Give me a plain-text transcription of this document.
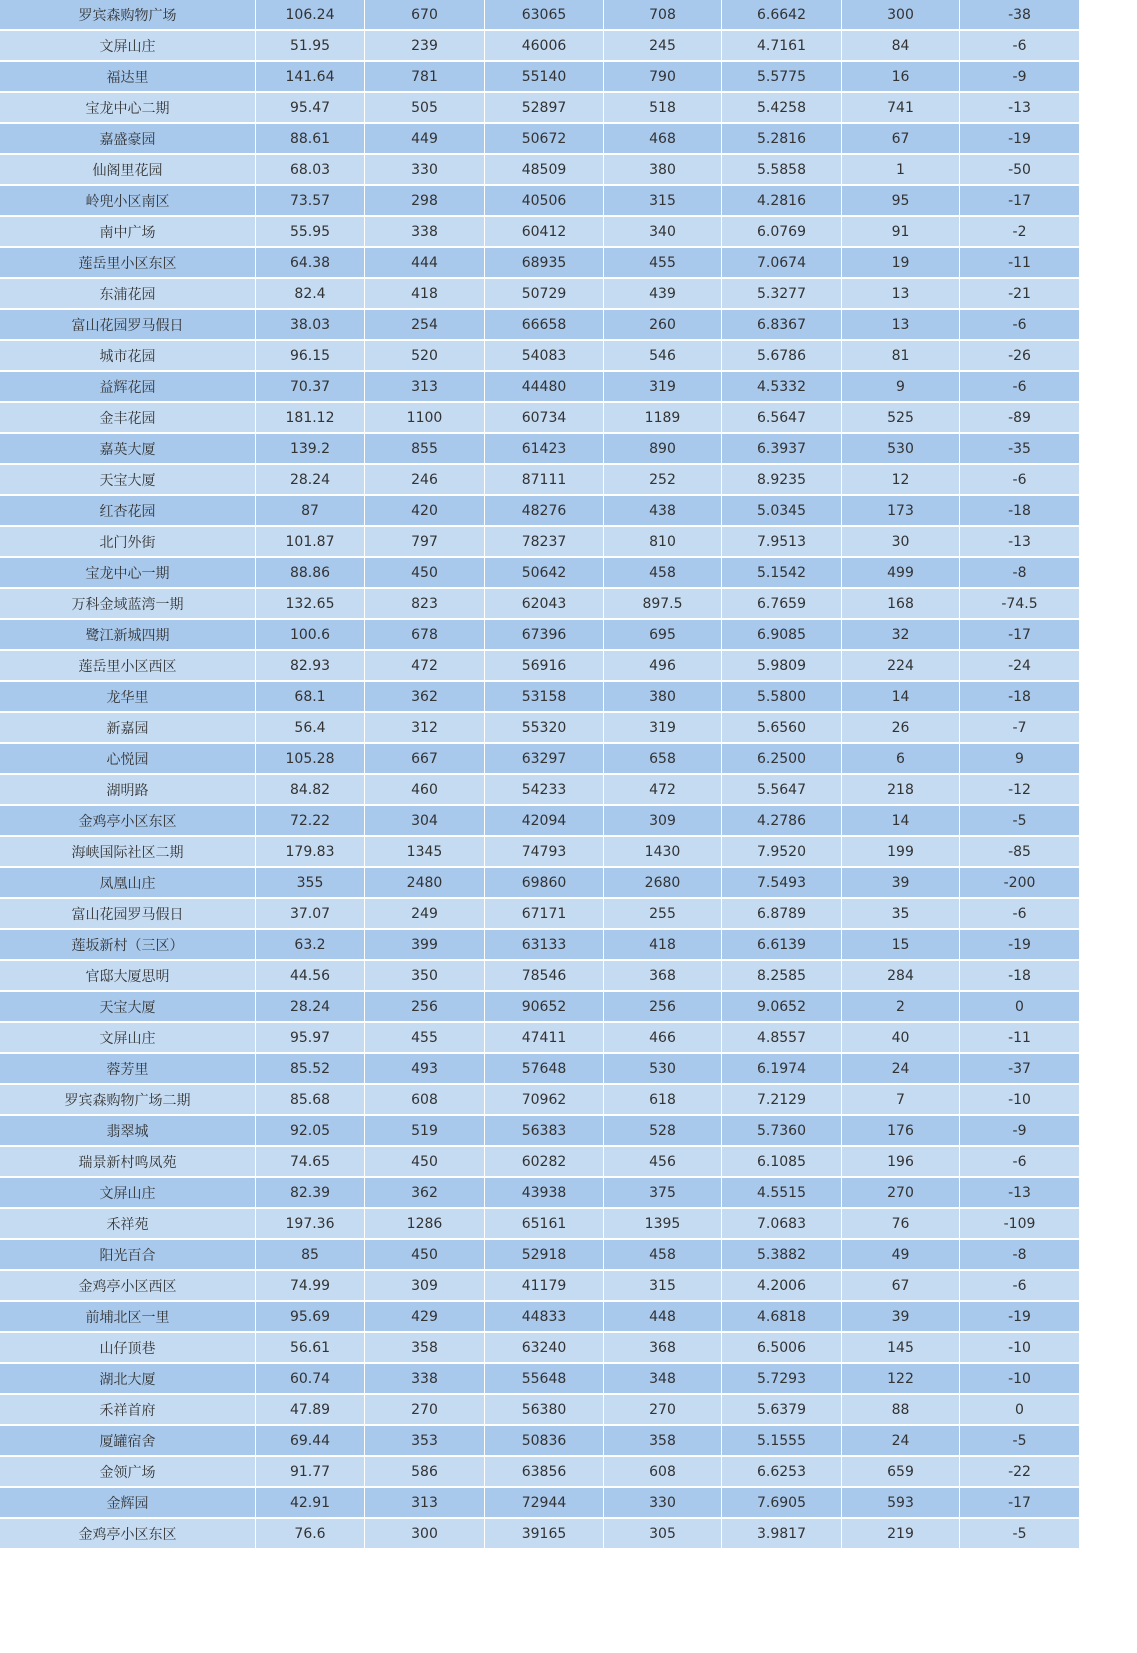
罗宾森购物广场	106.24	670	63065	708	6.6642	300	-38
文屏山庄	51.95	239	46006	245	4.7161	84	-6
福达里	141.64	781	55140	790	5.5775	16	-9
宝龙中心二期	95.47	505	52897	518	5.4258	741	-13
嘉盛豪园	88.61	449	50672	468	5.2816	67	-19
仙阁里花园	68.03	330	48509	380	5.5858	1	-50
岭兜小区南区	73.57	298	40506	315	4.2816	95	-17
南中广场	55.95	338	60412	340	6.0769	91	-2
莲岳里小区东区	64.38	444	68935	455	7.0674	19	-11
东浦花园	82.4	418	50729	439	5.3277	13	-21
富山花园罗马假日	38.03	254	66658	260	6.8367	13	-6
城市花园	96.15	520	54083	546	5.6786	81	-26
益辉花园	70.37	313	44480	319	4.5332	9	-6
金丰花园	181.12	1100	60734	1189	6.5647	525	-89
嘉英大厦	139.2	855	61423	890	6.3937	530	-35
天宝大厦	28.24	246	87111	252	8.9235	12	-6
红杏花园	87	420	48276	438	5.0345	173	-18
北门外街	101.87	797	78237	810	7.9513	30	-13
宝龙中心一期	88.86	450	50642	458	5.1542	499	-8
万科金域蓝湾一期	132.65	823	62043	897.5	6.7659	168	-74.5
鹭江新城四期	100.6	678	67396	695	6.9085	32	-17
莲岳里小区西区	82.93	472	56916	496	5.9809	224	-24
龙华里	68.1	362	53158	380	5.5800	14	-18
新嘉园	56.4	312	55320	319	5.6560	26	-7
心悦园	105.28	667	63297	658	6.2500	6	9
湖明路	84.82	460	54233	472	5.5647	218	-12
金鸡亭小区东区	72.22	304	42094	309	4.2786	14	-5
海峡国际社区二期	179.83	1345	74793	1430	7.9520	199	-85
凤凰山庄	355	2480	69860	2680	7.5493	39	-200
富山花园罗马假日	37.07	249	67171	255	6.8789	35	-6
莲坂新村（三区）	63.2	399	63133	418	6.6139	15	-19
官邸大厦思明	44.56	350	78546	368	8.2585	284	-18
天宝大厦	28.24	256	90652	256	9.0652	2	0
文屏山庄	95.97	455	47411	466	4.8557	40	-11
蓉芳里	85.52	493	57648	530	6.1974	24	-37
罗宾森购物广场二期	85.68	608	70962	618	7.2129	7	-10
翡翠城	92.05	519	56383	528	5.7360	176	-9
瑞景新村鸣凤苑	74.65	450	60282	456	6.1085	196	-6
文屏山庄	82.39	362	43938	375	4.5515	270	-13
禾祥苑	197.36	1286	65161	1395	7.0683	76	-109
阳光百合	85	450	52918	458	5.3882	49	-8
金鸡亭小区西区	74.99	309	41179	315	4.2006	67	-6
前埔北区一里	95.69	429	44833	448	4.6818	39	-19
山仔顶巷	56.61	358	63240	368	6.5006	145	-10
湖北大厦	60.74	338	55648	348	5.7293	122	-10
禾祥首府	47.89	270	56380	270	5.6379	88	0
厦罐宿舍	69.44	353	50836	358	5.1555	24	-5
金领广场	91.77	586	63856	608	6.6253	659	-22
金辉园	42.91	313	72944	330	7.6905	593	-17
金鸡亭小区东区	76.6	300	39165	305	3.9817	219	-5
